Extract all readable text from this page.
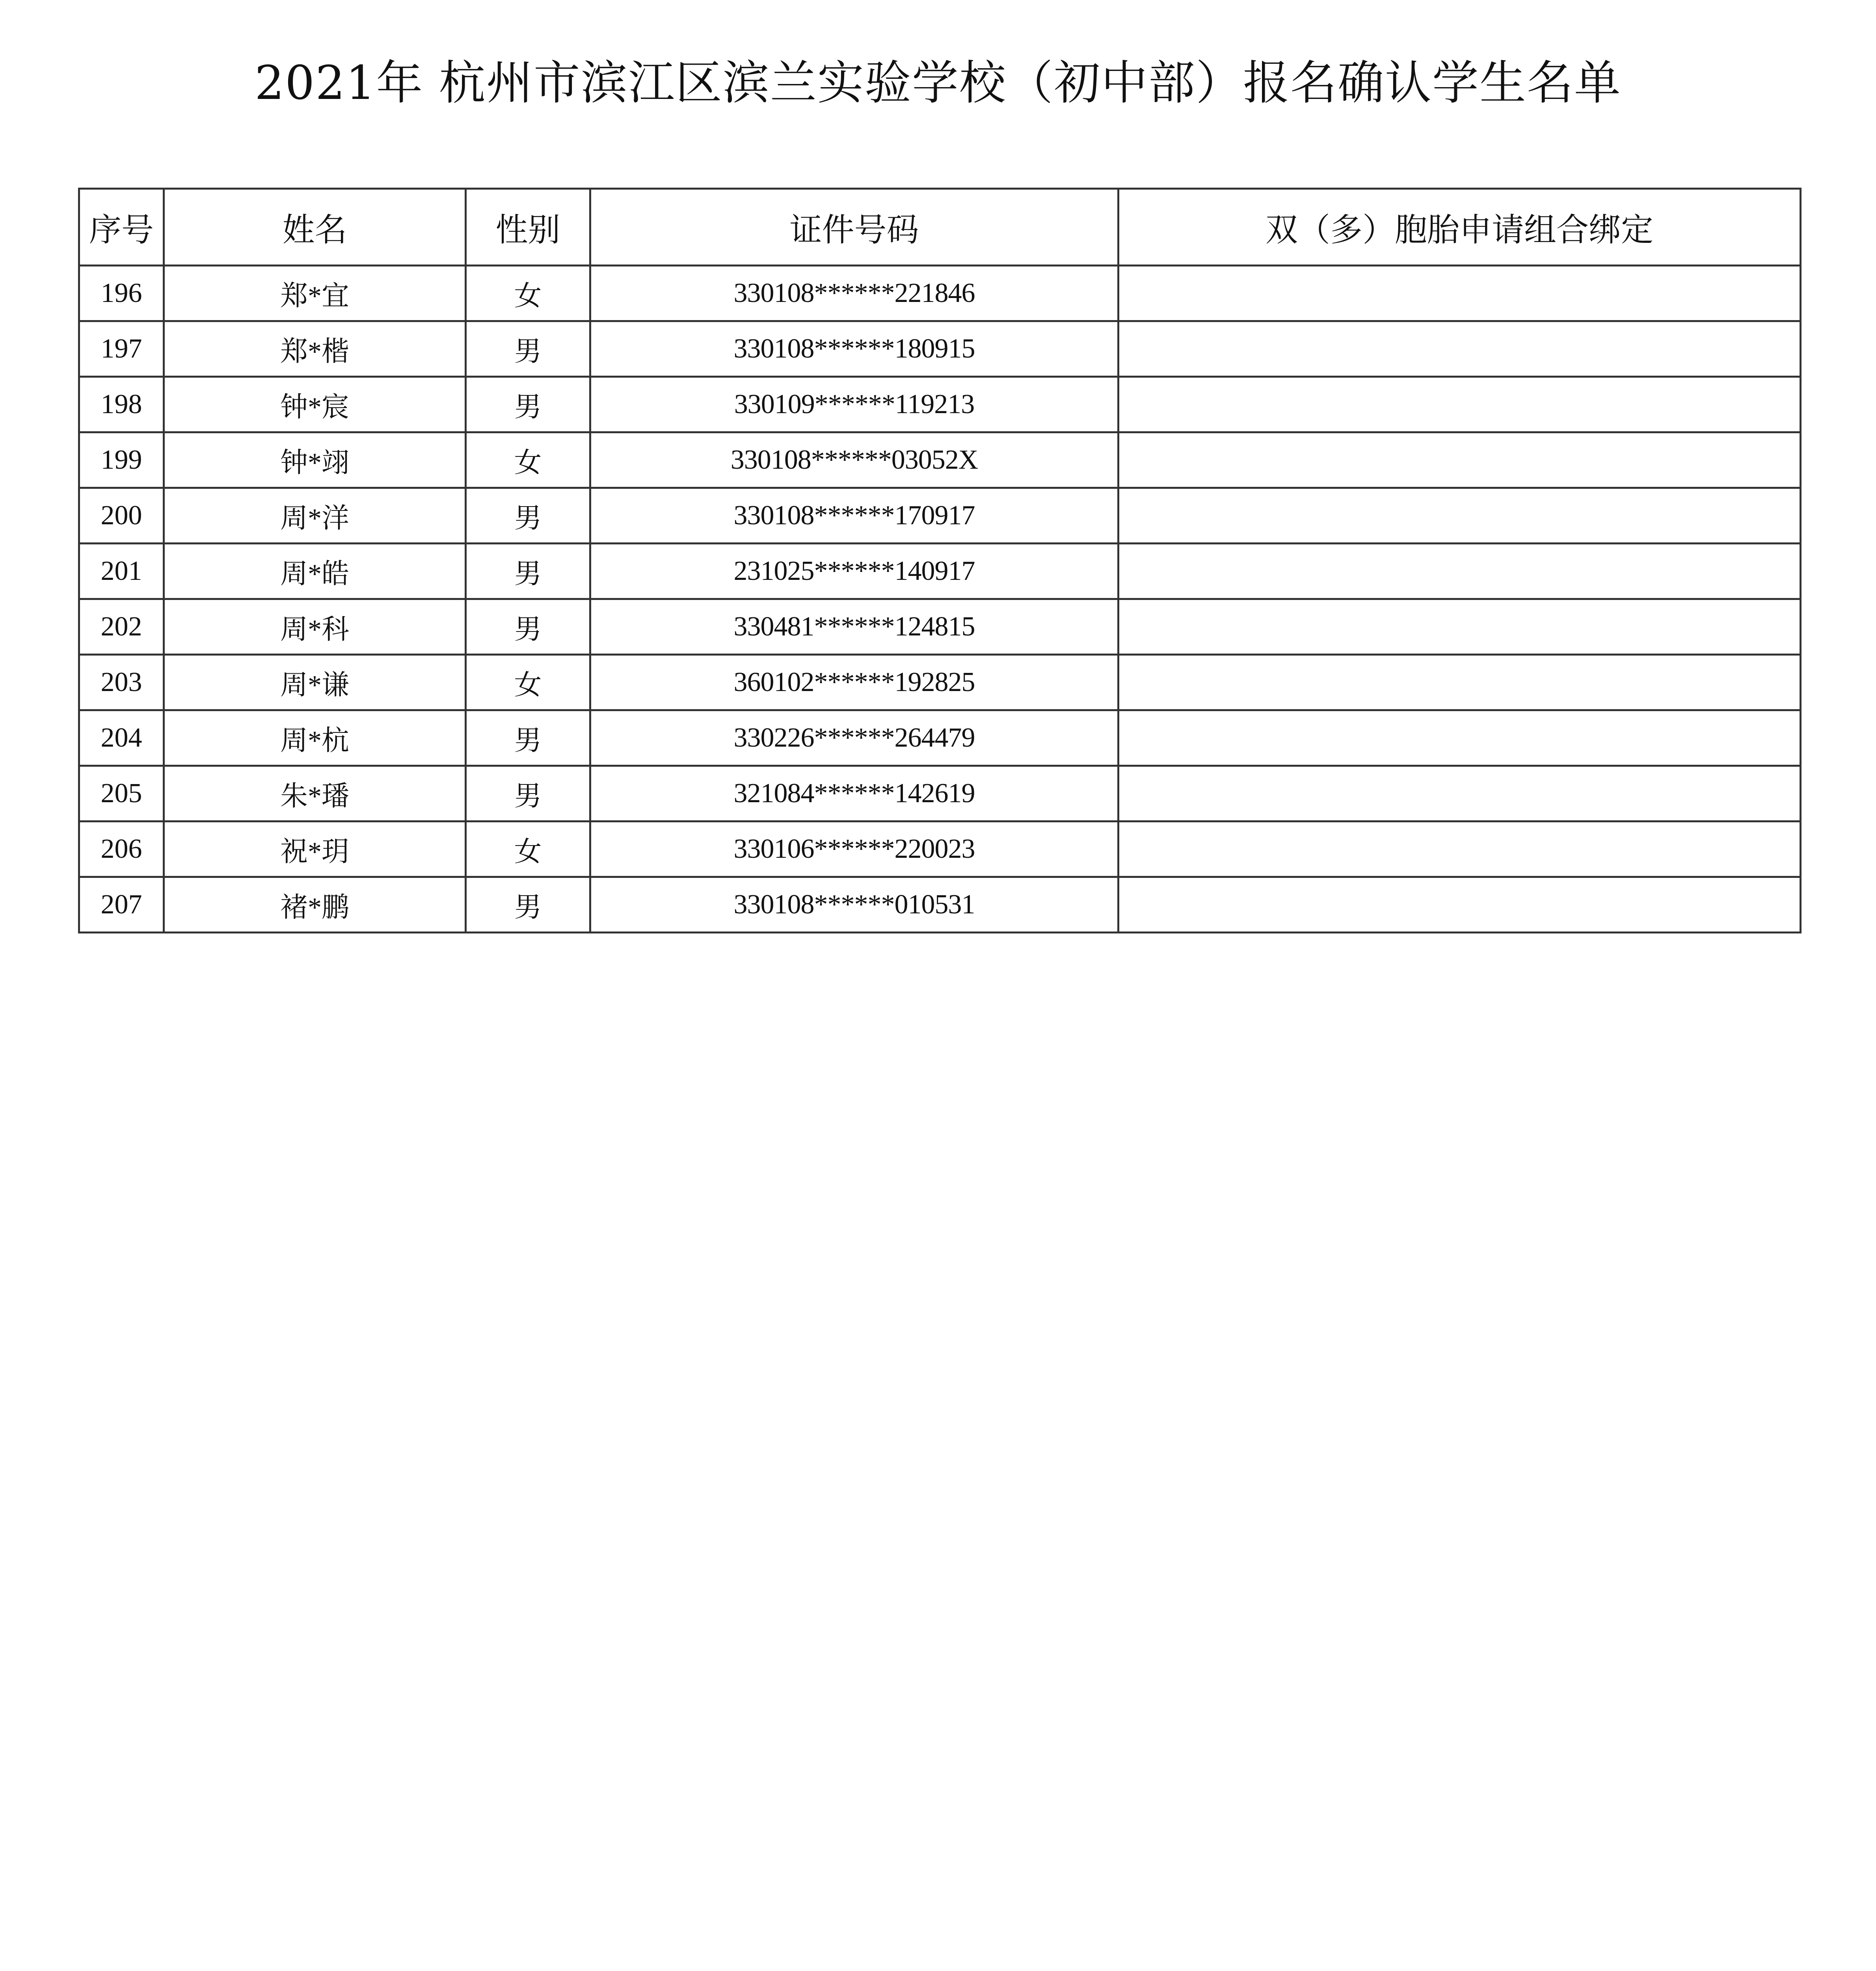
2021年 杭州市滨江区滨兰实验学校（初中部）报名确认学生名单
序号	姓名	性别	证件号码	双（多）胞胎申请组合绑定
196	郑*宜	女	330108******221846	
197	郑*楷	男	330108******180915	
198	钟*宸	男	330109******119213	
199	钟*翊	女	330108******03052X	
200	周*洋	男	330108******170917	
201	周*皓	男	231025******140917	
202	周*科	男	330481******124815	
203	周*谦	女	360102******192825	
204	周*杭	男	330226******264479	
205	朱*璠	男	321084******142619	
206	祝*玥	女	330106******220023	
207	褚*鹏	男	330108******010531	
